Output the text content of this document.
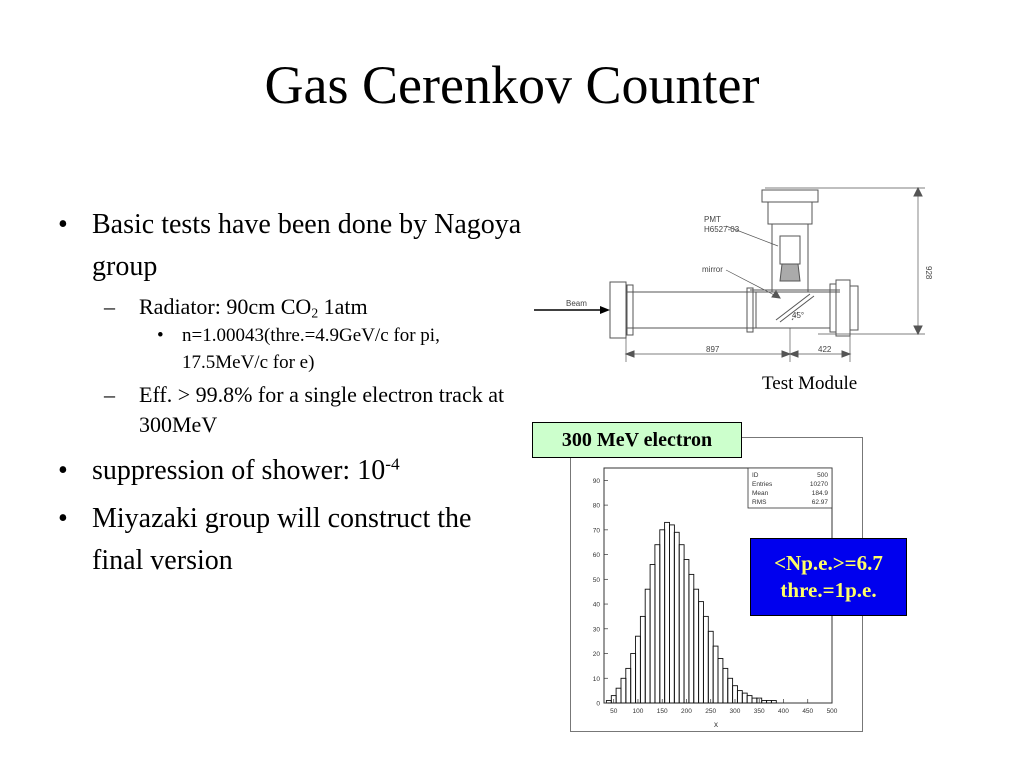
Gas Cerenkov Counter
• Basic tests have been done by Nagoya group
– Radiator: 90cm $CO_2$ 1atm
• n=1.00043(thre.=4.9GeV/c for pi, 17.5MeV/c for e)
– Eff. > 99.8% for a single electron track at 300MeV
• suppression of shower: $10^{-4}$
• Miyazaki group will construct the final version
PMT
H6527-03
mirror
Beam
45°
897	422
928
Test Module
0
10
20
30
40
50
60
70
80
90
50 100 150 200 250 300 350 400 450 500
x
ID	500
Entries	10270
Mean	184.9
RMS	62.97
300 MeV electron
<Np.e.>=6.7
thre.=1p.e.
